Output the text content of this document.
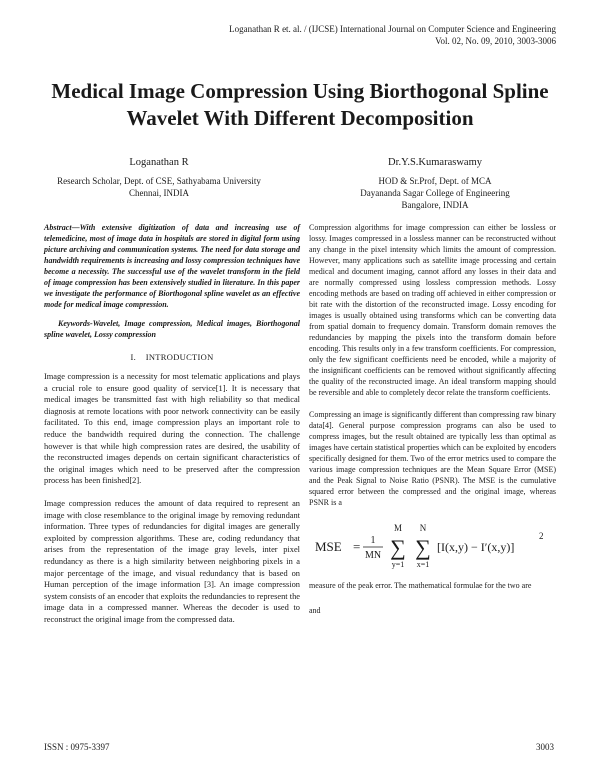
Loganathan R et. al. / (IJCSE) International Journal on Computer Science and Engineering
Vol. 02, No. 09, 2010, 3003-3006
Medical Image Compression Using Biorthogonal Spline Wavelet With Different Decomposition
Loganathan R
Research Scholar, Dept. of CSE, Sathyabama University
Chennai, INDIA
Dr.Y.S.Kumaraswamy
HOD & Sr.Prof, Dept. of MCA
Dayananda Sagar College of Engineering
Bangalore, INDIA

Abstract—With extensive digitization of data and increasing use of telemedicine, most of image data in hospitals are stored in digital form using picture archiving and communication systems. The need for data storage and handwidth requirements is increasing and lossy compression techniques have become a necessity. The successful use of the wavelet transform in the field of image compression has been extensively studied in literature. In this paper we investigate the performance of Biorthogonal spline wavelet as an effective mode for medical image compression.

Keywords-Wavelet, Image compression, Medical images, Biorthogonal spline wavelet, Lossy compression

I. INTRODUCTION

Image compression is a necessity for most telematic applications and plays a crucial role to ensure good quality of service[1]. It is necessary that medical images be transmitted fast with high reliability so that medical diagnosis at remote locations with poor network connectivity can be easily facilitated. To this end, image compression plays an important role to reduce the bandwidth required during the connection. The challenge however is that while high compression rates are desired, the usability of the reconstructed images depends on certain significant characteristics of the original images which need to be preserved after the compression process has been finished[2].

Image compression reduces the amount of data required to represent an image with close resemblance to the original image by removing redundant information. Three types of redundancies for digital images are generally exploited by compression algorithms. These are, coding redundancy that arises from the representation of the image gray levels, inter pixel redundancy as there is a high similarity between neighboring pixels in a major percentage of the image, and visual redundancy that is based on Human perception of the image information [3]. An image compression system consists of an encoder that exploits the redundancies to represent the image data in a compressed manner. Whereas the decoder is used to reconstruct the original image from the compressed data.

Compression algorithms for image compression can either be lossless or lossy. Images compressed in a lossless manner can be reconstructed without any change in the pixel intensity which limits the amount of compression. However, many applications such as satellite image processing and certain medical and document imaging, cannot afford any losses in their data and are normally compressed using lossless compression methods. Lossy encoding methods are based on trading off achieved in either compression or bit rate with the distortion of the reconstructed image. Lossy encoding for images is usually obtained using transforms which can be converting data from spatial domain to frequency domain. Transform domain removes the redundancies by mapping the pixels into the transform domain before encoding. This results only in a few transform coefficients. For compression, only the few significant coefficients need be encoded, while a majority of the insignificant coefficients can be removed without significantly affecting the quality of the reconstructed image. An ideal transform mapping should be reversible and able to completely decor relate the transform coefficients.

Compressing an image is significantly different than compressing raw binary data[4]. General purpose compression programs can also be used to compress images, but the result obtained are typically less than optimal as images have certain statistical properties which can be exploited by encoders specifically designed for them. Two of the error metrics used to compare the various image compression techniques are the Mean Square Error (MSE) and the Peak Signal to Noise Ratio (PSNR). The MSE is the cumulative squared error between the compressed and the original image, whereas PSNR is a

MSE = 1
MN
M
∑
y=1
N
∑
x=1
[I(x,y) − I′(x,y)]
2

measure of the peak error. The mathematical formulae for the two are

and

ISSN : 0975-3397	3003
